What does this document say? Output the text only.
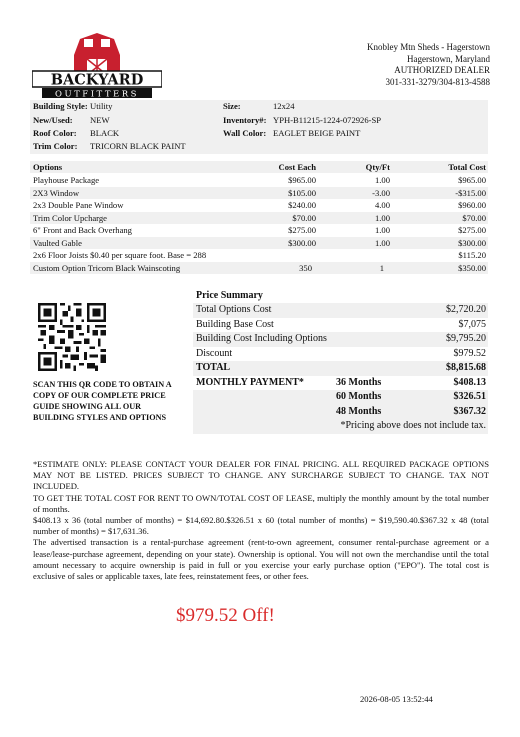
BACKYARD
OUTFITTERS
Knobley Mtn Sheds - Hagerstown
Hagerstown, Maryland
AUTHORIZED DEALER
301-331-3279/304-813-4588
Building Style: Utility	Size:	12x24
New/Used: NEW	Inventory#: YPH-B11215-1224-072926-SP
Roof Color: BLACK	Wall Color: EAGLET BEIGE PAINT
Trim Color: TRICORN BLACK PAINT
Options	Cost Each	Qty/Ft	Total Cost
Playhouse Package	$965.00	1.00	$965.00
2X3 Window	$105.00	-3.00	-$315.00
2x3 Double Pane Window	$240.00	4.00	$960.00
Trim Color Upcharge	$70.00	1.00	$70.00
6" Front and Back Overhang	$275.00	1.00	$275.00
Vaulted Gable	$300.00	1.00	$300.00
2x6 Floor Joists $0.40 per square foot. Base = 288	$115.20
Custom Option Tricorn Black Wainscoting	350	1	$350.00
SCAN THIS QR CODE TO OBTAIN A
COPY OF OUR COMPLETE PRICE
GUIDE SHOWING ALL OUR
BUILDING STYLES AND OPTIONS
Price Summary
Total Options Cost	$2,720.20
Building Base Cost	$7,075
Building Cost Including Options	$9,795.20
Discount	$979.52
TOTAL	$8,815.68
MONTHLY PAYMENT*	36 Months	$408.13
60 Months	$326.51
48 Months	$367.32
*Pricing above does not include tax.
*ESTIMATE ONLY: PLEASE CONTACT YOUR DEALER FOR FINAL PRICING. ALL REQUIRED PACKAGE OPTIONS MAY NOT BE LISTED. PRICES SUBJECT TO CHANGE. ANY SURCHARGE SUBJECT TO CHANGE. TAX NOT INCLUDED.
TO GET THE TOTAL COST FOR RENT TO OWN/TOTAL COST OF LEASE, multiply the monthly amount by the total number of months.
$408.13 x 36 (total number of months) = $14,692.80.$326.51 x 60 (total number of months) = $19,590.40.$367.32 x 48 (total number of months) = $17,631.36.
The advertised transaction is a rental-purchase agreement (rent-to-own agreement, consumer rental-purchase agreement or a lease/lease-purchase agreement, depending on your state). Ownership is optional. You will not own the merchandise until the total amount necessary to acquire ownership is paid in full or you exercise your early purchase option ("EPO"). The total cost is exclusive of sales or applicable taxes, late fees, reinstatement fees, or other fees.
$979.52 Off!
2026-08-05 13:52:44
